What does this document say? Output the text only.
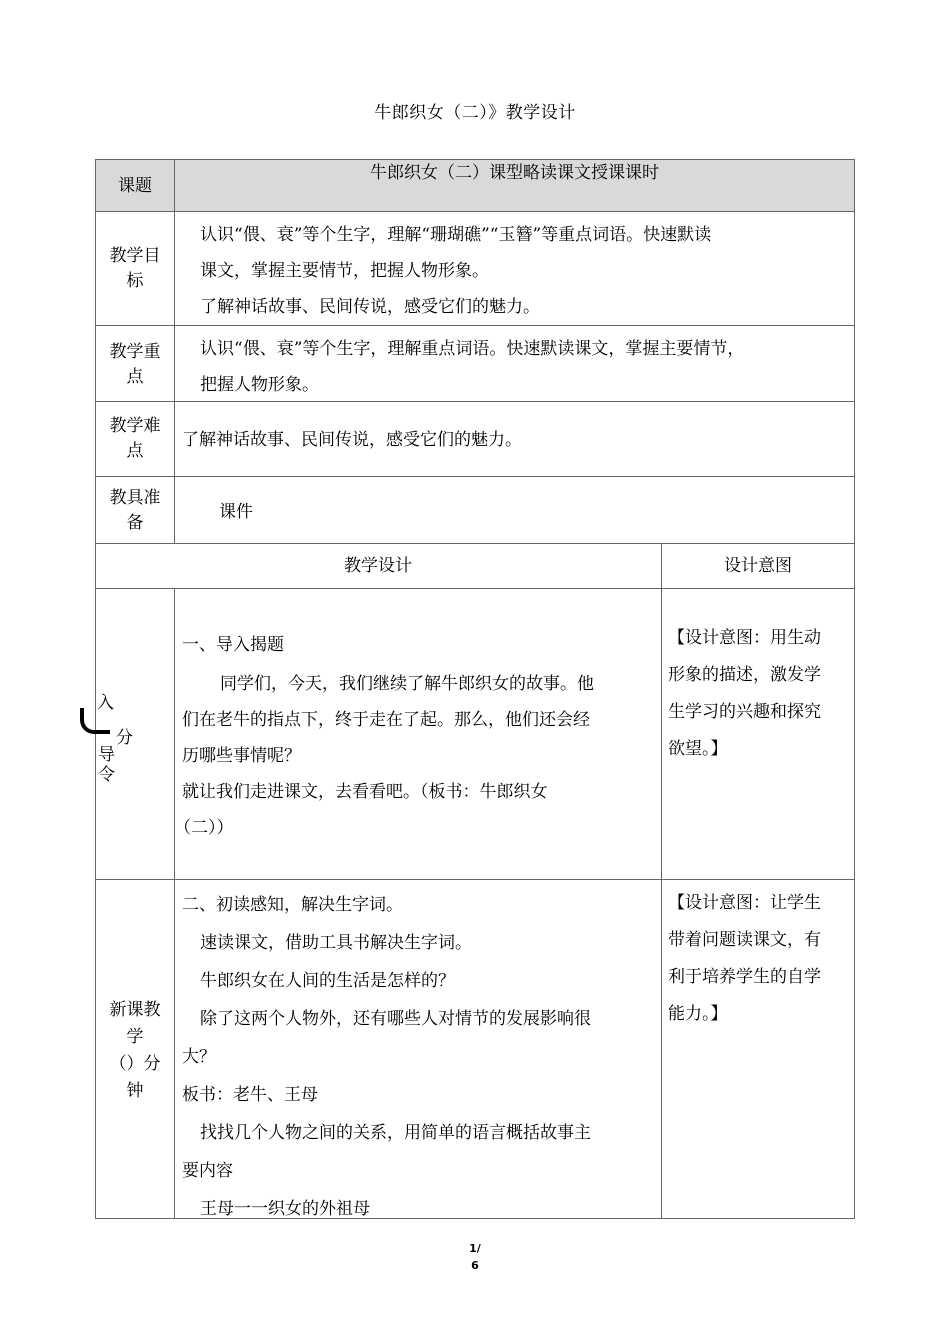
牛郎织女（二）》教学设计
课题
牛郎织女（二）课型略读课文授课课时
教学目
标

认识“偎、衰”等个生字，理解“珊瑚礁”“玉簪”等重点词语。快速默读

课文，掌握主要情节，把握人物形象。

了解神话故事、民间传说，感受它们的魅力。

教学重
点

认识“偎、衰”等个生字，理解重点词语。快速默读课文，掌握主要情节，

把握人物形象。

教学难
点
了解神话故事、民间传说，感受它们的魅力。
教具准
备
课件
教学设计	设计意图
入
分
导
令
一、导入揭题
同学们，今天，我们继续了解牛郎织女的故事。他
们在老牛的指点下，终于走在了起。那么，他们还会经
历哪些事情呢？
就让我们走进课文，去看看吧。（板书：牛郎织女
（二））
【设计意图：用生动
形象的描述，激发学
生学习的兴趣和探究
欲望。】
新课教
学
（）分
钟
二、初读感知，解决生字词。
速读课文，借助工具书解决生字词。
牛郎织女在人间的生活是怎样的？
除了这两个人物外，还有哪些人对情节的发展影响很
大？
板书：老牛、王母
找找几个人物之间的关系，用简单的语言概括故事主
要内容
王母一一织女的外祖母
【设计意图：让学生
带着问题读课文，有
利于培养学生的自学
能力。】
1/
6
